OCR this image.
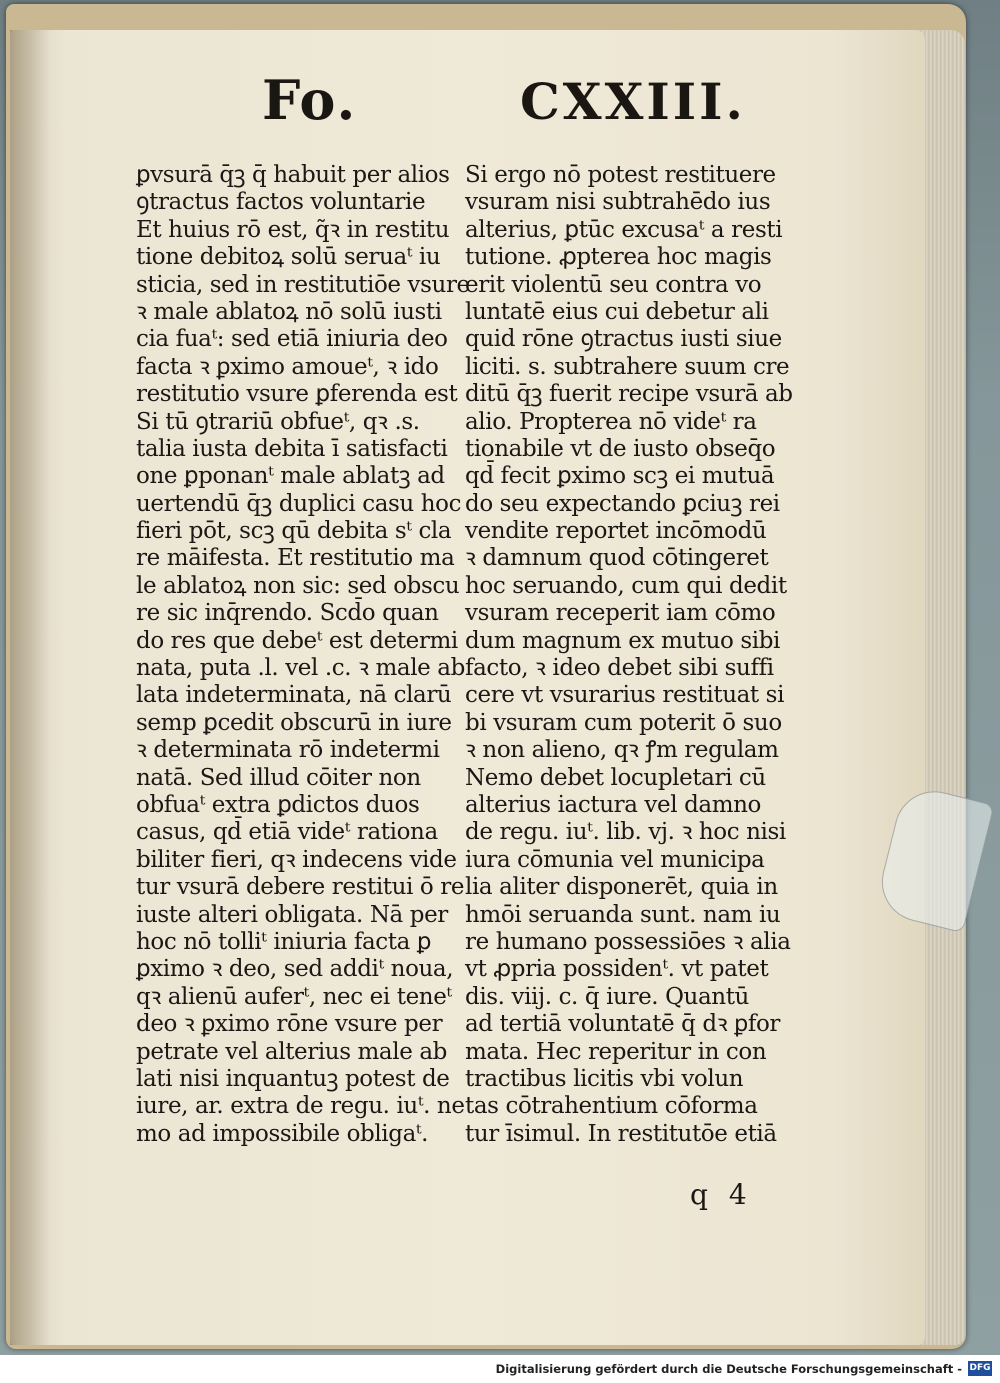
Fo.	CXXIII.
ꝑvsurā q̄ꝫ q̄ habuit per alios
ꝯtractus factos voluntarie
Et huius rō est, q̃ꝛ in restitu
tione debitoꝝ solū seruaᵗ iu
sticia, sed in restitutiōe vsure
ꝛ male ablatoꝝ nō solū iusti
cia fuaᵗ: sed etiā iniuria deo
facta ꝛ ꝑximo amoueᵗ, ꝛ ido
restitutio vsure ꝑferenda est
Si tū ꝯtrariū obfueᵗ, qꝛ .s.
talia iusta debita ī satisfacti
one ꝑponanᵗ male ablatꝫ ad
uertendū q̄ꝫ duplici casu hoc
fieri pōt, scꝫ qū debita sᵗ cla
re māifesta. Et restitutio ma
le ablatoꝝ non sic: sed obscu
re sic inq̄rendo. Scd̄o quan
do res que debeᵗ est determi
nata, puta .l. vel .c. ꝛ male ab
lata indeterminata, nā clarū
semp ꝑcedit obscurū in iure
ꝛ determinata rō indetermi
natā. Sed illud cōiter non
obfuaᵗ extra ꝑdictos duos
casus, qd̄ etiā videᵗ rationa
biliter fieri, qꝛ indecens vide
tur vsurā debere restitui ō re
iuste alteri obligata. Nā per
hoc nō tolliᵗ iniuria facta ꝑ
ꝑximo ꝛ deo, sed addiᵗ noua,
qꝛ alienū auferᵗ, nec ei teneᵗ
deo ꝛ ꝑximo rōne vsure per
petrate vel alterius male ab
lati nisi inquantuꝫ potest de
iure, ar. extra de regu. iuᵗ. ne
mo ad impossibile obligaᵗ.
Si ergo nō potest restituere
vsuram nisi subtrahēdo ius
alterius, ꝑtūc excusaᵗ a resti
tutione. ꝓpterea hoc magis
erit violentū seu contra vo
luntatē eius cui debetur ali
quid rōne ꝯtractus iusti siue
liciti. s. subtrahere suum cre
ditū q̄ꝫ fuerit recipe vsurā ab
alio. Propterea nō videᵗ ra
tionabile vt de iusto obseq̄o
qd̄ fecit ꝑximo scꝫ ei mutuā
do seu expectando ꝑciuꝫ rei
vendite reportet incōmodū
ꝛ damnum quod cōtingeret
hoc seruando, cum qui dedit
vsuram receperit iam cōmo
dum magnum ex mutuo sibi
facto, ꝛ ideo debet sibi suffi
cere vt vsurarius restituat si
bi vsuram cum poterit ō suo
ꝛ non alieno, qꝛ ꝭm regulam
Nemo debet locupletari cū
alterius iactura vel damno
de regu. iuᵗ. lib. vj. ꝛ hoc nisi
iura cōmunia vel municipa
lia aliter disponerēt, quia in
hmōi seruanda sunt. nam iu
re humano possessiōes ꝛ alia
vt ꝓpria possidenᵗ. vt patet
dis. viij. c. q̄ iure. Quantū
ad tertiā voluntatē q̄ dꝛ ꝑfor
mata. Hec reperitur in con
tractibus licitis vbi volun
tas cōtrahentium cōforma
tur īsimul. In restitutōe etiā
q 4
Digitalisierung gefördert durch die Deutsche Forschungsgemeinschaft - DFG
